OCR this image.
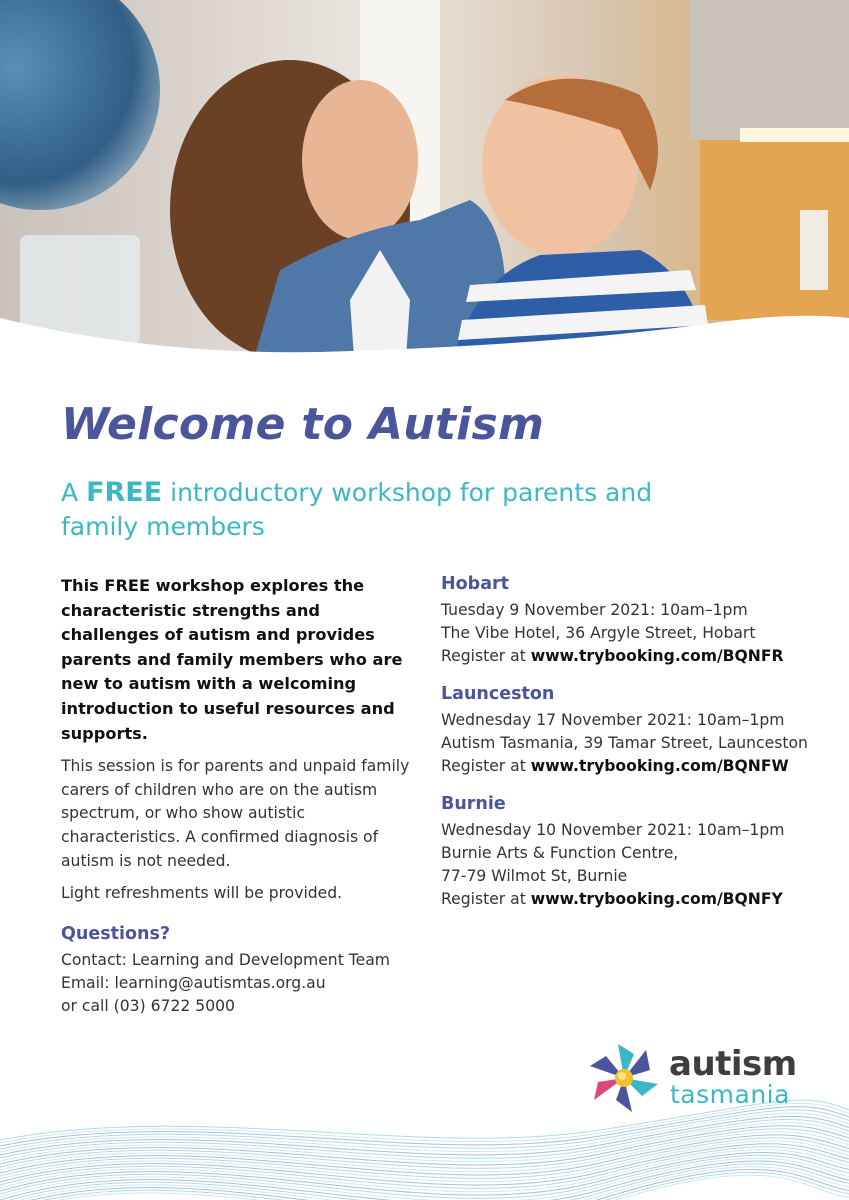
Welcome to Autism

A FREE introductory workshop for parents and family members

This FREE workshop explores the characteristic strengths and challenges of autism and provides parents and family members who are new to autism with a welcoming introduction to useful resources and supports.

This session is for parents and unpaid family carers of children who are on the autism spectrum, or who show autistic characteristics. A confirmed diagnosis of autism is not needed.

Light refreshments will be provided.

Questions?

Contact: Learning and Development Team

Email: learning@autismtas.org.au

or call (03) 6722 5000

Hobart

Tuesday 9 November 2021: 10am–1pm

The Vibe Hotel, 36 Argyle Street, Hobart

Register at www.trybooking.com/BQNFR

Launceston

Wednesday 17 November 2021: 10am–1pm

Autism Tasmania, 39 Tamar Street, Launceston

Register at www.trybooking.com/BQNFW

Burnie

Wednesday 10 November 2021: 10am–1pm

Burnie Arts & Function Centre,

77-79 Wilmot St, Burnie

Register at www.trybooking.com/BQNFY

autism
tasmania
